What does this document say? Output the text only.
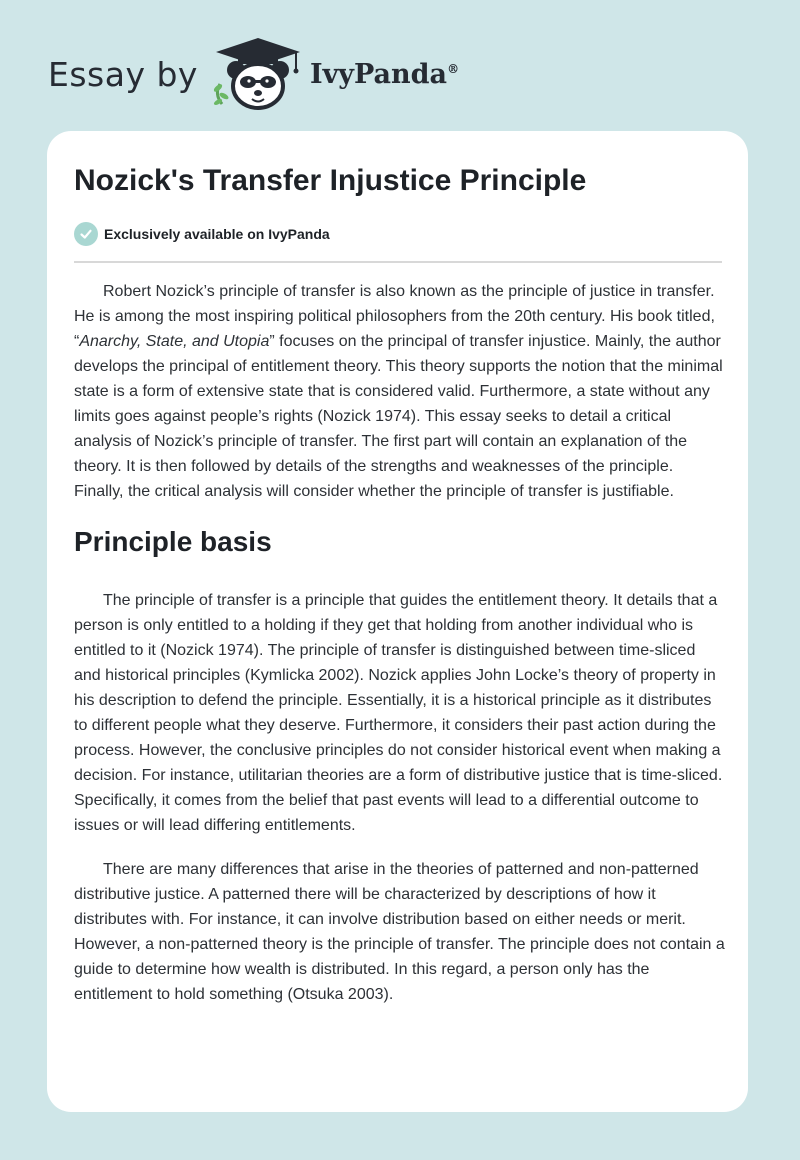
Essay by	IvyPanda®
Nozick's Transfer Injustice Principle
Exclusively available on IvyPanda

Robert Nozick’s principle of transfer is also known as the principle of justice in transfer. He is among the most inspiring political philosophers from the 20th century. His book titled, “Anarchy, State, and Utopia” focuses on the principal of transfer injustice. Mainly, the author develops the principal of entitlement theory. This theory supports the notion that the minimal state is a form of extensive state that is considered valid. Furthermore, a state without any limits goes against people’s rights (Nozick 1974). This essay seeks to detail a critical analysis of Nozick’s principle of transfer. The first part will contain an explanation of the theory. It is then followed by details of the strengths and weaknesses of the principle. Finally, the critical analysis will consider whether the principle of transfer is justifiable.

Principle basis

The principle of transfer is a principle that guides the entitlement theory. It details that a person is only entitled to a holding if they get that holding from another individual who is entitled to it (Nozick 1974). The principle of transfer is distinguished between time-sliced and historical principles (Kymlicka 2002). Nozick applies John Locke’s theory of property in his description to defend the principle. Essentially, it is a historical principle as it distributes to different people what they deserve. Furthermore, it considers their past action during the process. However, the conclusive principles do not consider historical event when making a decision. For instance, utilitarian theories are a form of distributive justice that is time-sliced. Specifically, it comes from the belief that past events will lead to a differential outcome to issues or will lead differing entitlements.

There are many differences that arise in the theories of patterned and non-patterned distributive justice. A patterned there will be characterized by descriptions of how it distributes with. For instance, it can involve distribution based on either needs or merit. However, a non-patterned theory is the principle of transfer. The principle does not contain a guide to determine how wealth is distributed. In this regard, a person only has the entitlement to hold something (Otsuka 2003).
